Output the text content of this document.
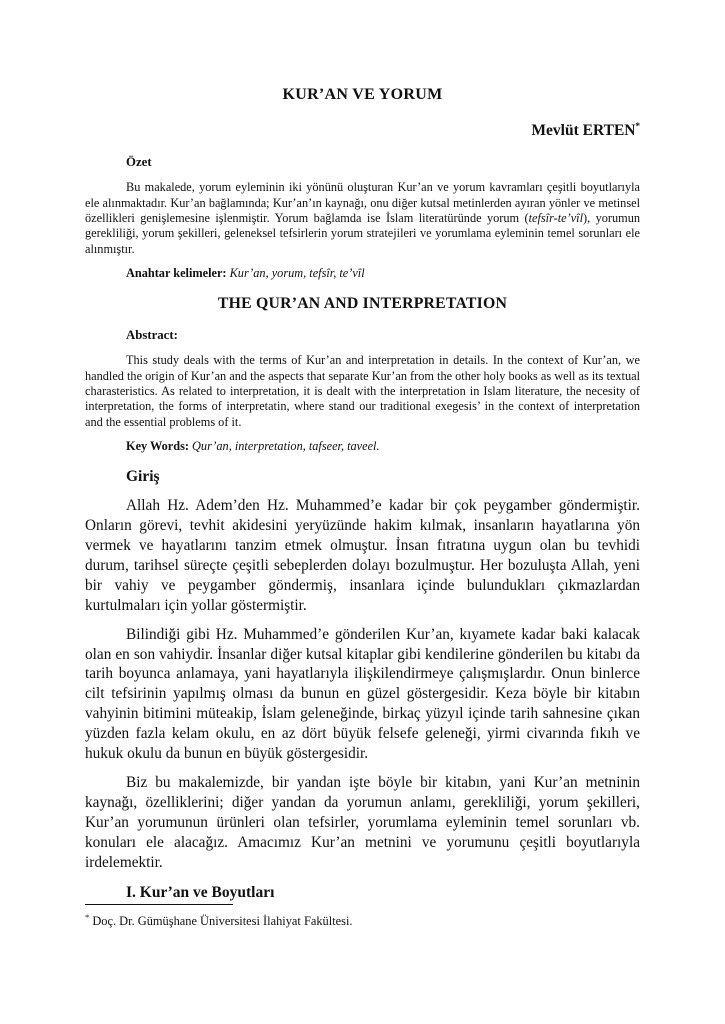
KUR’AN VE YORUM
Mevlüt ERTEN*
Özet

Bu makalede, yorum eyleminin iki yönünü oluşturan Kur’an ve yorum kavramları çeşitli boyutlarıyla ele alınmaktadır. Kur’an bağlamında; Kur’an’ın kaynağı, onu diğer kutsal metinlerden ayıran yönler ve metinsel özellikleri genişlemesine işlenmiştir. Yorum bağlamda ise İslam literatüründe yorum (tefsîr-te’vîl), yorumun gerekliliği, yorum şekilleri, geleneksel tefsirlerin yorum stratejileri ve yorumlama eyleminin temel sorunları ele alınmıştır.

Anahtar kelimeler: Kur’an, yorum, tefsîr, te’vîl

THE QUR’AN AND INTERPRETATION
Abstract:

This study deals with the terms of Kur’an and interpretation in details. In the context of Kur’an, we handled the origin of Kur’an and the aspects that separate Kur’an from the other holy books as well as its textual charasteristics. As related to interpretation, it is dealt with the interpretation in Islam literature, the necesity of interpretation, the forms of interpretatin, where stand our traditional exegesis’ in the context of interpretation and the essential problems of it.

Key Words: Qur’an, interpretation, tafseer, taveel.

Giriş

Allah Hz. Adem’den Hz. Muhammed’e kadar bir çok peygamber göndermiştir. Onların görevi, tevhit akidesini yeryüzünde hakim kılmak, insanların hayatlarına yön vermek ve hayatlarını tanzim etmek olmuştur. İnsan fıtratına uygun olan bu tevhidi durum, tarihsel süreçte çeşitli sebeplerden dolayı bozulmuştur. Her bozuluşta Allah, yeni bir vahiy ve peygamber göndermiş, insanlara içinde bulundukları çıkmazlardan kurtulmaları için yollar göstermiştir.

Bilindiği gibi Hz. Muhammed’e gönderilen Kur’an, kıyamete kadar baki kalacak olan en son vahiydir. İnsanlar diğer kutsal kitaplar gibi kendilerine gönderilen bu kitabı da tarih boyunca anlamaya, yani hayatlarıyla ilişkilendirmeye çalışmışlardır. Onun binlerce cilt tefsirinin yapılmış olması da bunun en güzel göstergesidir. Keza böyle bir kitabın vahyinin bitimini müteakip, İslam geleneğinde, birkaç yüzyıl içinde tarih sahnesine çıkan yüzden fazla kelam okulu, en az dört büyük felsefe geleneği, yirmi civarında fıkıh ve hukuk okulu da bunun en büyük göstergesidir.

Biz bu makalemizde, bir yandan işte böyle bir kitabın, yani Kur’an metninin kaynağı, özelliklerini; diğer yandan da yorumun anlamı, gerekliliği, yorum şekilleri, Kur’an yorumunun ürünleri olan tefsirler, yorumlama eyleminin temel sorunları vb. konuları ele alacağız. Amacımız Kur’an metnini ve yorumunu çeşitli boyutlarıyla irdelemektir.

I. Kur’an ve Boyutları

* Doç. Dr. Gümüşhane Üniversitesi İlahiyat Fakültesi.
